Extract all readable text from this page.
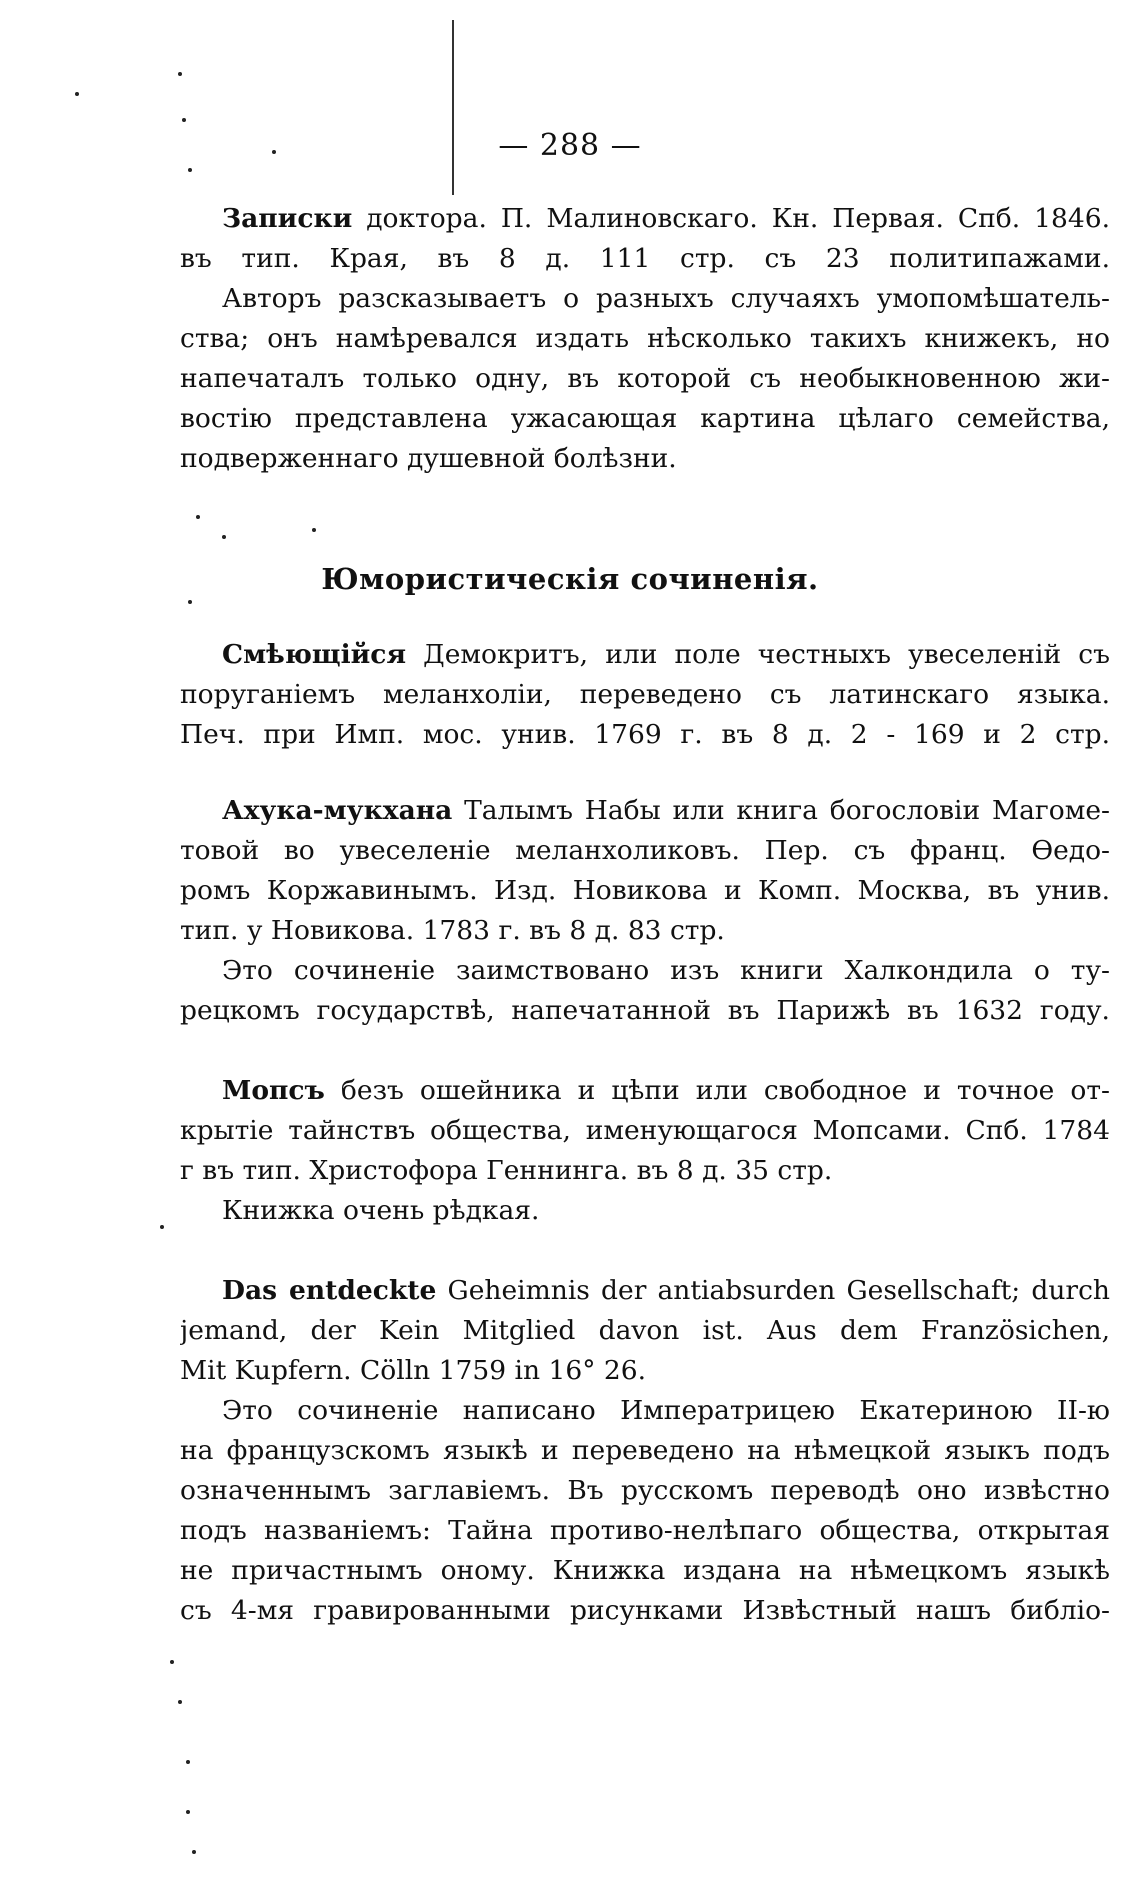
— 288 —
Записки доктора. П. Малиновскаго. Кн. Первая. Спб. 1846.
въ тип. Края, въ 8 д. 111 стр. съ 23 политипажами.
Авторъ разсказываетъ о разныхъ случаяхъ умопомѣшатель-
ства; онъ намѣревался издать нѣсколько такихъ книжекъ, но
напечаталъ только одну, въ которой съ необыкновенною жи-
востію представлена ужасающая картина цѣлаго семейства,
подверженнаго душевной болѣзни.
Юмористическія сочиненія.
Смѣющійся Демокритъ, или поле честныхъ увеселеній съ
поруганіемъ меланхоліи, переведено съ латинскаго языка.
Печ. при Имп. мос. унив. 1769 г. въ 8 д. 2 - 169 и 2 стр.
Ахука-мукхана Талымъ Набы или книга богословіи Магоме-
товой во увеселеніе меланхоликовъ. Пер. съ франц. Өедо-
ромъ Коржавинымъ. Изд. Новикова и Комп. Москва, въ унив.
тип. у Новикова. 1783 г. въ 8 д. 83 стр.
Это сочиненіе заимствовано изъ книги Халкондила о ту-
рецкомъ государствѣ, напечатанной въ Парижѣ въ 1632 году.
Мопсъ безъ ошейника и цѣпи или свободное и точное от-
крытіе тайнствъ общества, именующагося Мопсами. Спб. 1784
г въ тип. Христофора Геннинга. въ 8 д. 35 стр.
Книжка очень рѣдкая.
Das entdeckte Geheimnis der antiabsurden Gesellschaft; durch
jemand, der Kein Mitglied davon ist. Aus dem Französichen,
Mit Kupfern. Cölln 1759 in 16° 26.
Это сочиненіе написано Императрицею Екатериною II-ю
на французскомъ языкѣ и переведено на нѣмецкой языкъ подъ
означеннымъ заглавіемъ. Въ русскомъ переводѣ оно извѣстно
подъ названіемъ: Тайна противо-нелѣпаго общества, открытая
не причастнымъ оному. Книжка издана на нѣмецкомъ языкѣ
съ 4-мя гравированными рисунками Извѣстный нашъ библіо-
